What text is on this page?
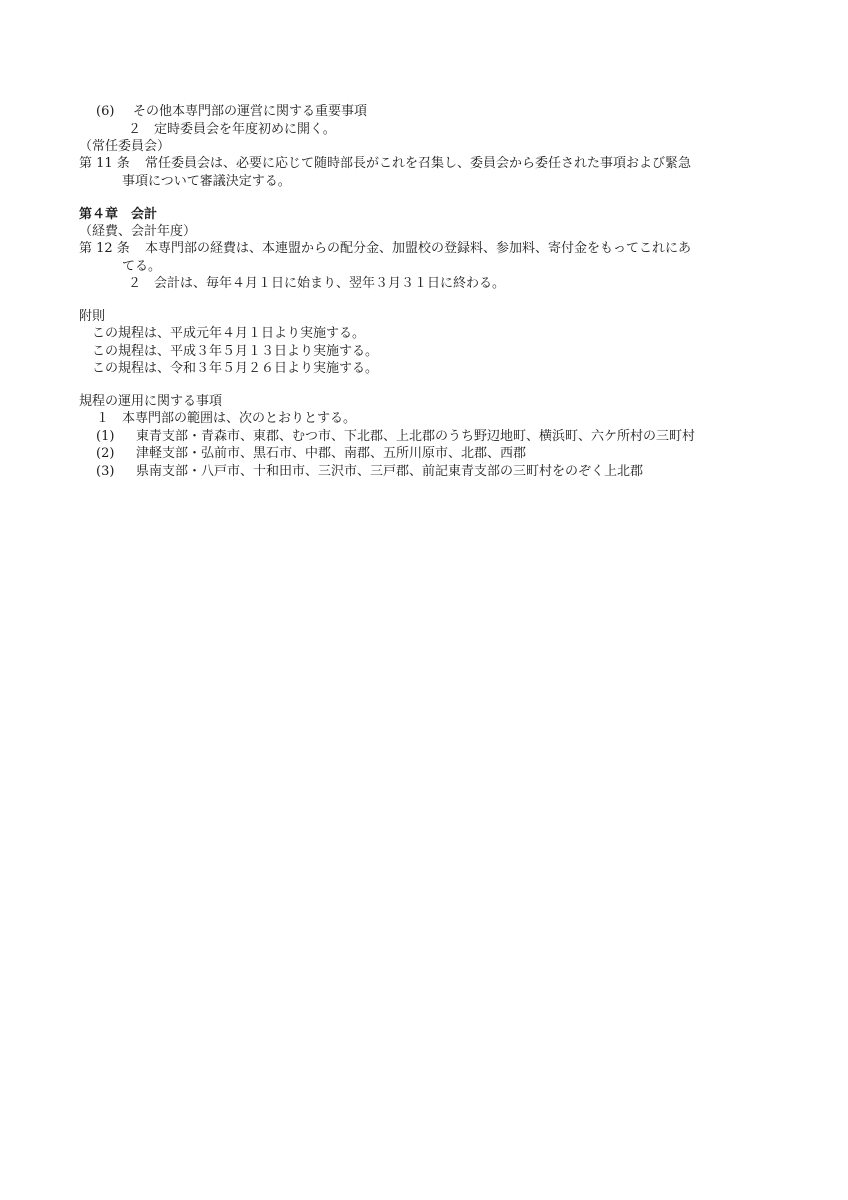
(6) その他本専門部の運営に関する重要事項
２ 定時委員会を年度初めに開く。
（常任委員会）
第 11 条 常任委員会は、必要に応じて随時部長がこれを召集し、委員会から委任された事項および緊急
事項について審議決定する。
第４章　会計
（経費、会計年度）
第 12 条 本専門部の経費は、本連盟からの配分金、加盟校の登録料、参加料、寄付金をもってこれにあ
てる。
２ 会計は、毎年４月１日に始まり、翌年３月３１日に終わる。
附則
この規程は、平成元年４月１日より実施する。
この規程は、平成３年５月１３日より実施する。
この規程は、令和３年５月２６日より実施する。
規程の運用に関する事項
１ 本専門部の範囲は、次のとおりとする。
(1) 東青支部・青森市、東郡、むつ市、下北郡、上北郡のうち野辺地町、横浜町、六ケ所村の三町村
(2) 津軽支部・弘前市、黒石市、中郡、南郡、五所川原市、北郡、西郡
(3) 県南支部・八戸市、十和田市、三沢市、三戸郡、前記東青支部の三町村をのぞく上北郡
